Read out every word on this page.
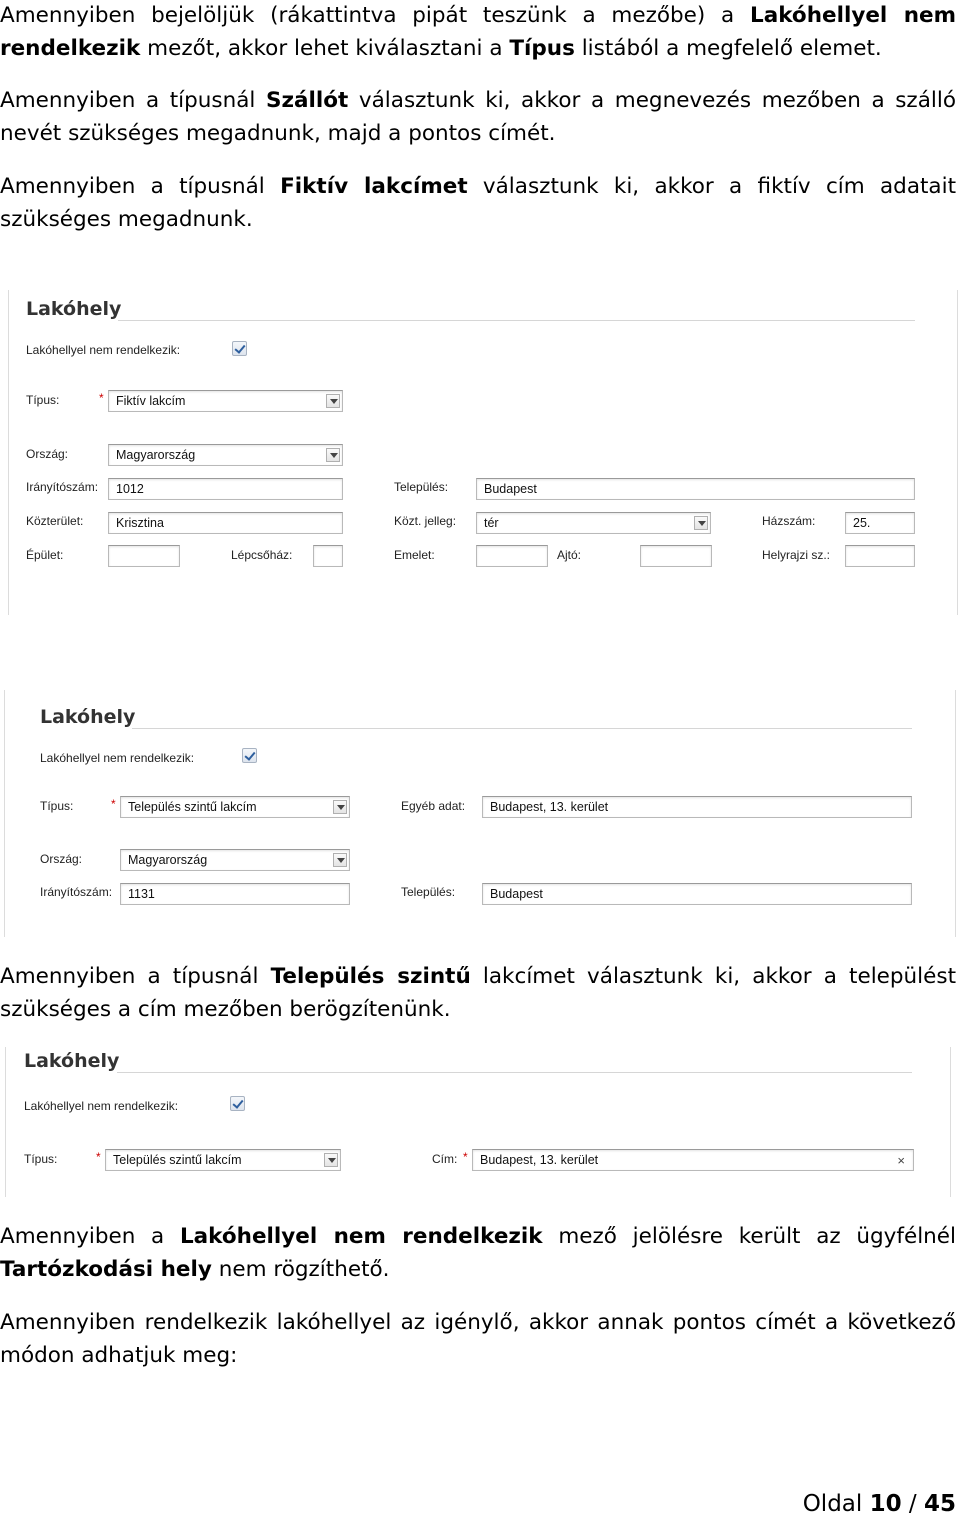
Amennyiben bejelöljük (rákattintva pipát teszünk a mezőbe) a Lakóhellyel nem rendelkezik mezőt, akkor lehet kiválasztani a Típus listából a megfelelő elemet.

Amennyiben a típusnál Szállót választunk ki, akkor a megnevezés mezőben a szálló nevét szükséges megadnunk, majd a pontos címét.

Amennyiben a típusnál Fiktív lakcímet választunk ki, akkor a fiktív cím adatait szükséges megadnunk.

Lakóhely
Lakóhellyel nem rendelkezik:
Típus:	* Fiktív lakcím
Ország:	Magyarország
Irányítószám:	1012	Település:	Budapest
Közterület:	Krisztina	Közt. jelleg:	tér	Házszám:	25.
Épület:	Lépcsőház:	Emelet:	Ajtó:	Helyrajzi sz.:
Lakóhely
Lakóhellyel nem rendelkezik:
Típus:	* Település szintű lakcím	Egyéb adat:	Budapest, 13. kerület
Ország:	Magyarország
Irányítószám:	1131	Település:	Budapest

Amennyiben a típusnál Település szintű lakcímet választunk ki, akkor a települést szükséges a cím mezőben berögzítenünk.

Lakóhely
Lakóhellyel nem rendelkezik:
Típus:	* Település szintű lakcím	Cím: * Budapest, 13. kerület	×

Amennyiben a Lakóhellyel nem rendelkezik mező jelölésre került az ügyfélnél Tartózkodási hely nem rögzíthető.

Amennyiben rendelkezik lakóhellyel az igénylő, akkor annak pontos címét a következő módon adhatjuk meg:

Oldal 10 / 45
